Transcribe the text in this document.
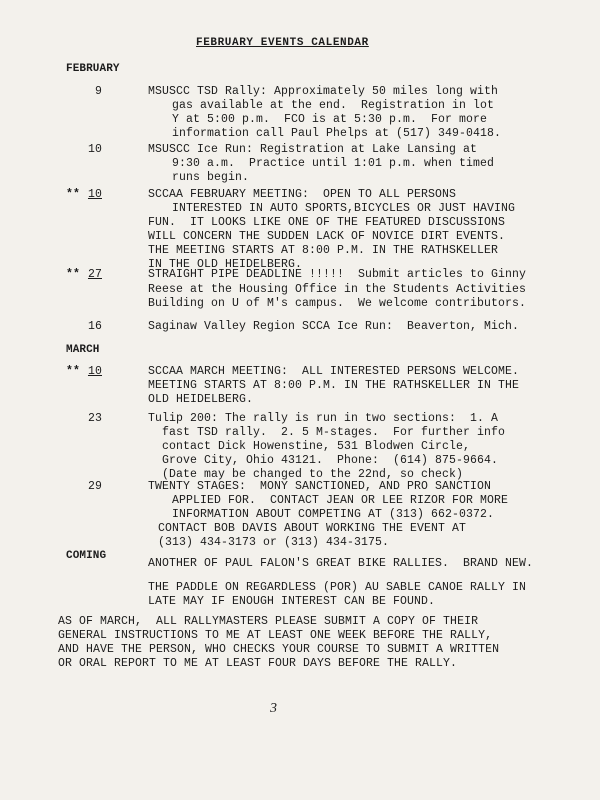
FEBRUARY EVENTS CALENDAR
FEBRUARY
9	MSUSCC TSD Rally: Approximately 50 miles long with
gas available at the end.  Registration in lot
Y at 5:00 p.m.  FCO is at 5:30 p.m.  For more
information call Paul Phelps at (517) 349-0418.
10	MSUSCC Ice Run: Registration at Lake Lansing at
9:30 a.m.  Practice until 1:01 p.m. when timed
runs begin.
** 10	SCCAA FEBRUARY MEETING:  OPEN TO ALL PERSONS
INTERESTED IN AUTO SPORTS,BICYCLES OR JUST HAVING
FUN.  IT LOOKS LIKE ONE OF THE FEATURED DISCUSSIONS
WILL CONCERN THE SUDDEN LACK OF NOVICE DIRT EVENTS.
THE MEETING STARTS AT 8:00 P.M. IN THE RATHSKELLER
IN THE OLD HEIDELBERG.
** 27	STRAIGHT PIPE DEADLINE !!!!!  Submit articles to Ginny
Reese at the Housing Office in the Students Activities
Building on U of M's campus.  We welcome contributors.
16	Saginaw Valley Region SCCA Ice Run:  Beaverton, Mich.
MARCH
** 10	SCCAA MARCH MEETING:  ALL INTERESTED PERSONS WELCOME.
MEETING STARTS AT 8:00 P.M. IN THE RATHSKELLER IN THE
OLD HEIDELBERG.
23	Tulip 200: The rally is run in two sections:  1. A
fast TSD rally.  2. 5 M-stages.  For further info
contact Dick Howenstine, 531 Blodwen Circle,
Grove City, Ohio 43121.  Phone:  (614) 875-9664.
(Date may be changed to the 22nd, so check)
29	TWENTY STAGES:  MONY SANCTIONED, AND PRO SANCTION
APPLIED FOR.  CONTACT JEAN OR LEE RIZOR FOR MORE
INFORMATION ABOUT COMPETING AT (313) 662-0372.
CONTACT BOB DAVIS ABOUT WORKING THE EVENT AT
(313) 434-3173 or (313) 434-3175.
COMING
ANOTHER OF PAUL FALON'S GREAT BIKE RALLIES.  BRAND NEW.
THE PADDLE ON REGARDLESS (POR) AU SABLE CANOE RALLY IN
LATE MAY IF ENOUGH INTEREST CAN BE FOUND.
AS OF MARCH,  ALL RALLYMASTERS PLEASE SUBMIT A COPY OF THEIR
GENERAL INSTRUCTIONS TO ME AT LEAST ONE WEEK BEFORE THE RALLY,
AND HAVE THE PERSON, WHO CHECKS YOUR COURSE TO SUBMIT A WRITTEN
OR ORAL REPORT TO ME AT LEAST FOUR DAYS BEFORE THE RALLY.
3
